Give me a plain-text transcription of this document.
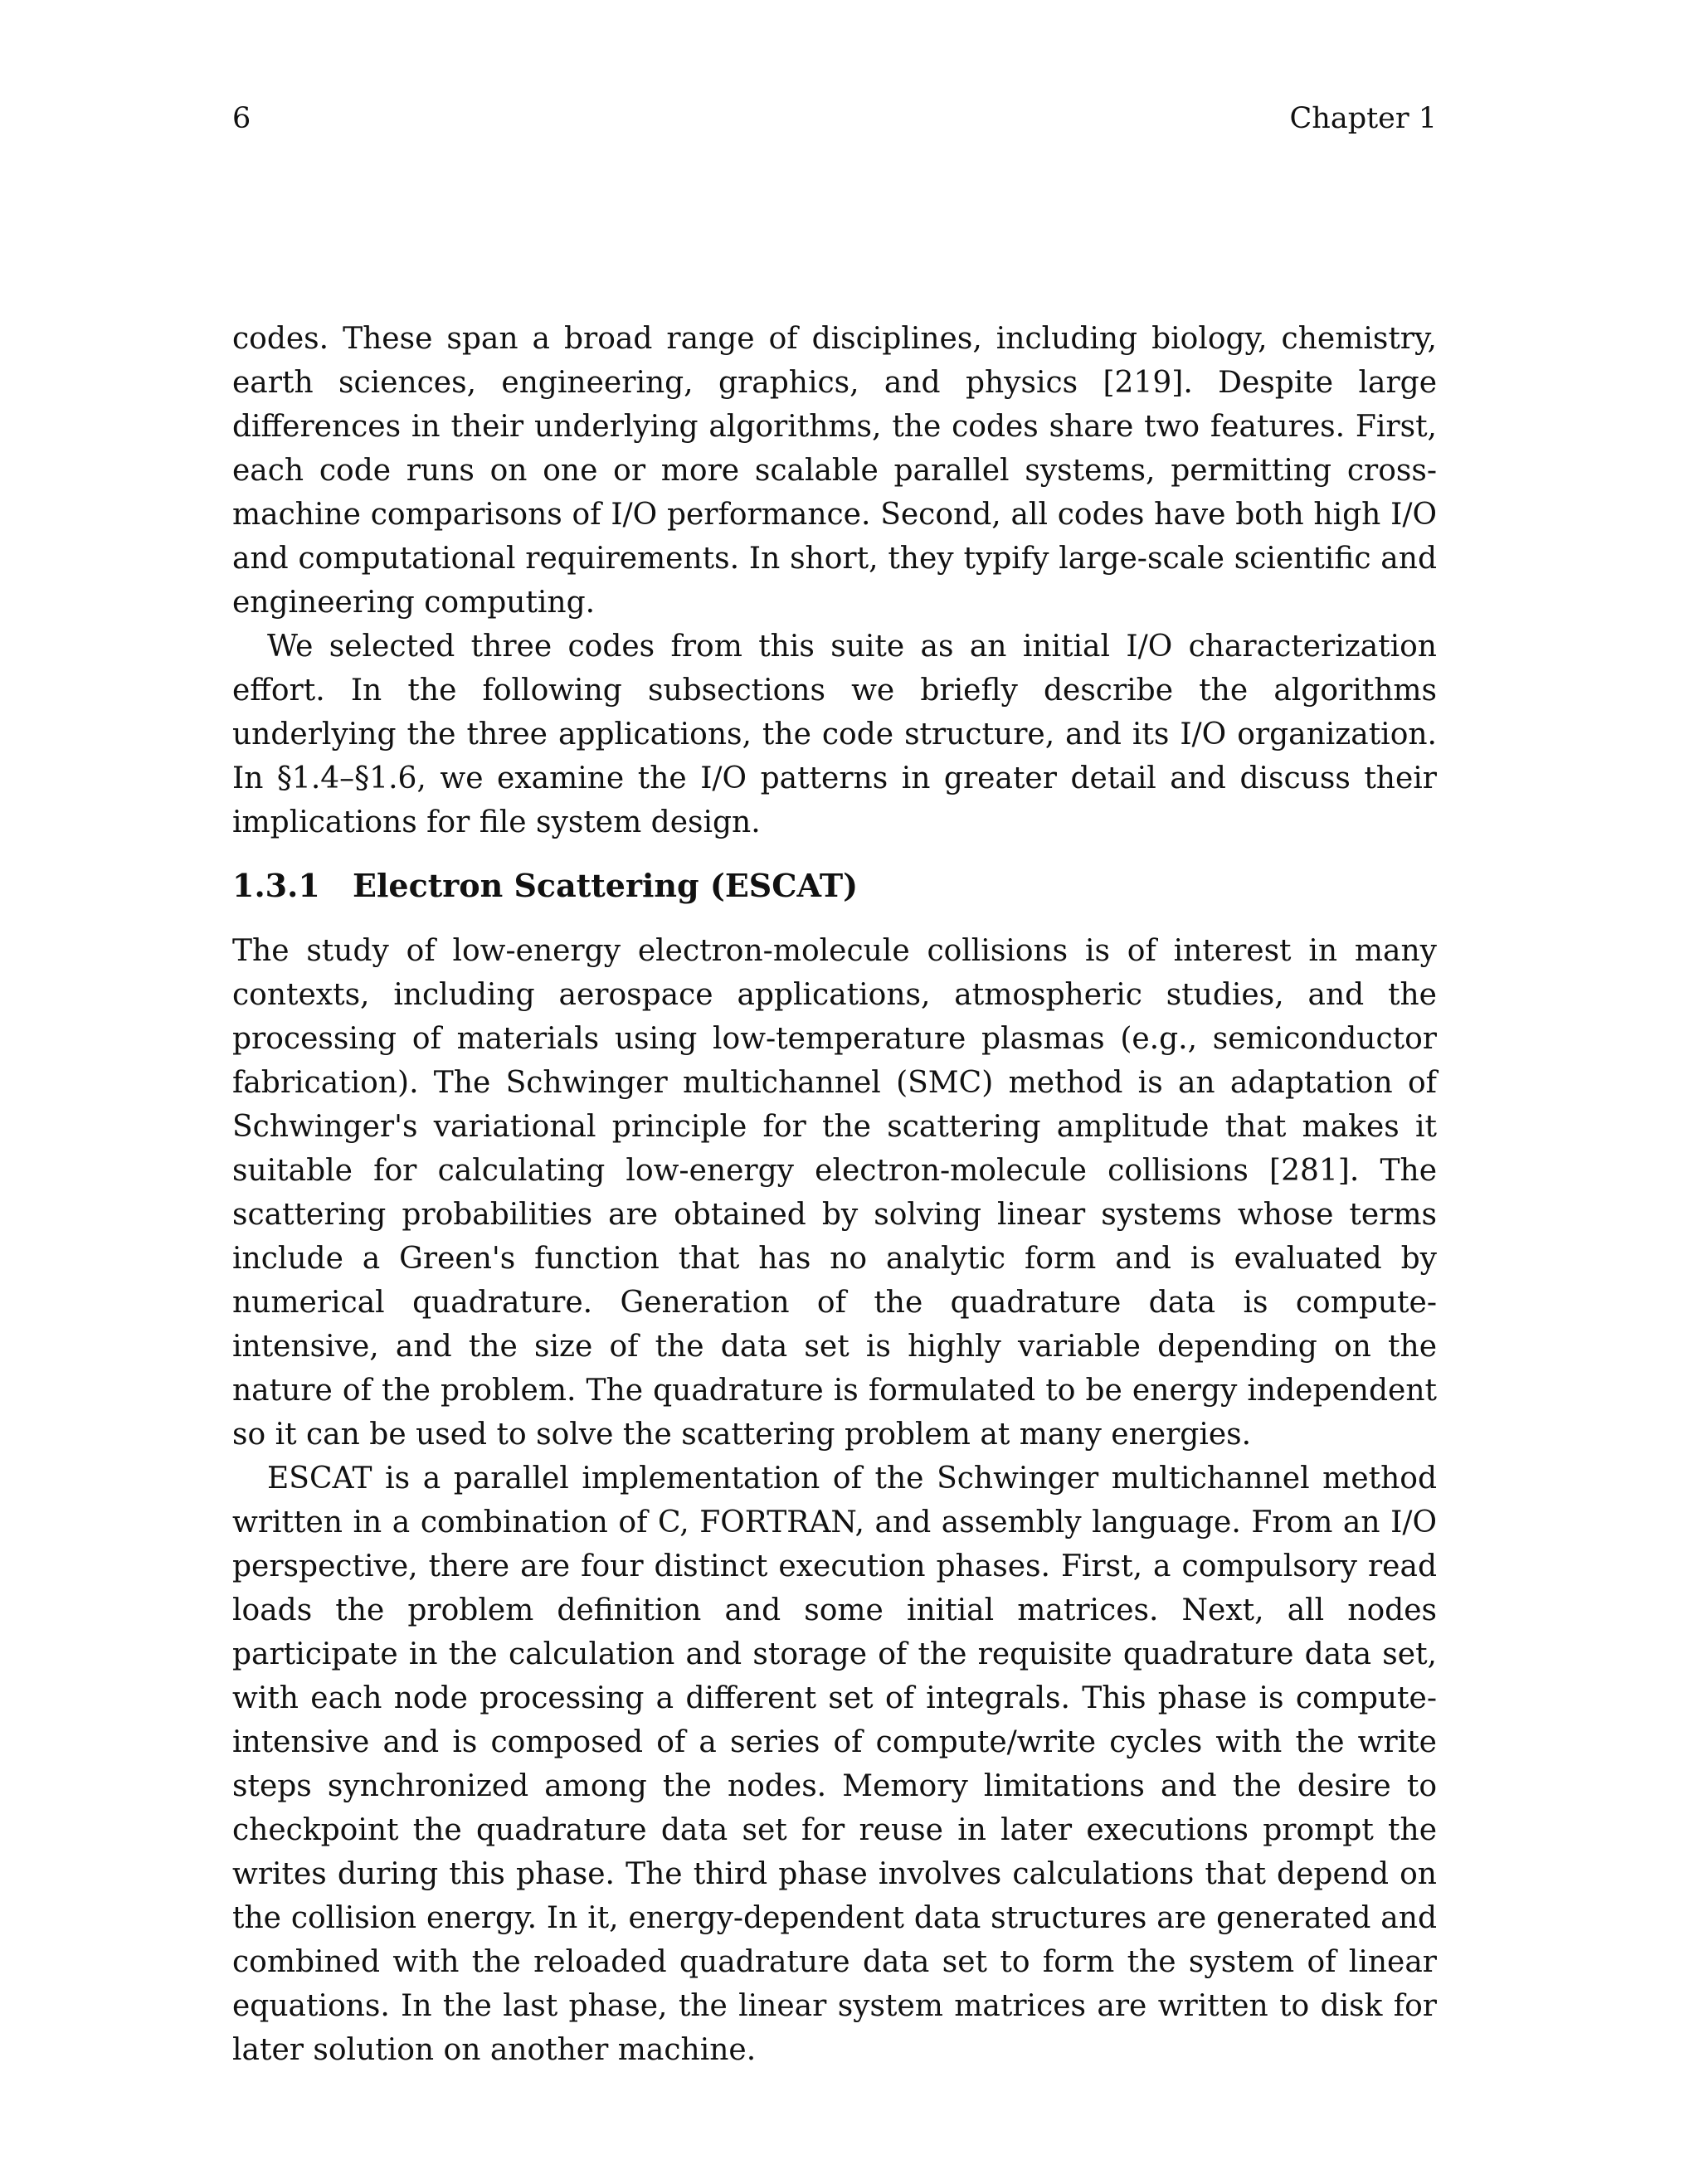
6	Chapter 1

codes. These span a broad range of disciplines, including biology, chemistry, earth sciences, engineering, graphics, and physics [219]. Despite large differences in their underlying algorithms, the codes share two features. First, each code runs on one or more scalable parallel systems, permitting cross-machine comparisons of I/O performance. Second, all codes have both high I/O and computational requirements. In short, they typify large-scale scientific and engineering computing.

We selected three codes from this suite as an initial I/O characterization effort. In the following subsections we briefly describe the algorithms underlying the three applications, the code structure, and its I/O organization. In §1.4–§1.6, we examine the I/O patterns in greater detail and discuss their implications for file system design.

1.3.1 Electron Scattering (ESCAT)

The study of low-energy electron-molecule collisions is of interest in many contexts, including aerospace applications, atmospheric studies, and the processing of materials using low-temperature plasmas (e.g., semiconductor fabrication). The Schwinger multichannel (SMC) method is an adaptation of Schwinger's variational principle for the scattering amplitude that makes it suitable for calculating low-energy electron-molecule collisions [281]. The scattering probabilities are obtained by solving linear systems whose terms include a Green's function that has no analytic form and is evaluated by numerical quadrature. Generation of the quadrature data is compute-intensive, and the size of the data set is highly variable depending on the nature of the problem. The quadrature is formulated to be energy independent so it can be used to solve the scattering problem at many energies.

ESCAT is a parallel implementation of the Schwinger multichannel method written in a combination of C, FORTRAN, and assembly language. From an I/O perspective, there are four distinct execution phases. First, a compulsory read loads the problem definition and some initial matrices. Next, all nodes participate in the calculation and storage of the requisite quadrature data set, with each node processing a different set of integrals. This phase is compute-intensive and is composed of a series of compute/write cycles with the write steps synchronized among the nodes. Memory limitations and the desire to checkpoint the quadrature data set for reuse in later executions prompt the writes during this phase. The third phase involves calculations that depend on the collision energy. In it, energy-dependent data structures are generated and combined with the reloaded quadrature data set to form the system of linear equations. In the last phase, the linear system matrices are written to disk for later solution on another machine.
